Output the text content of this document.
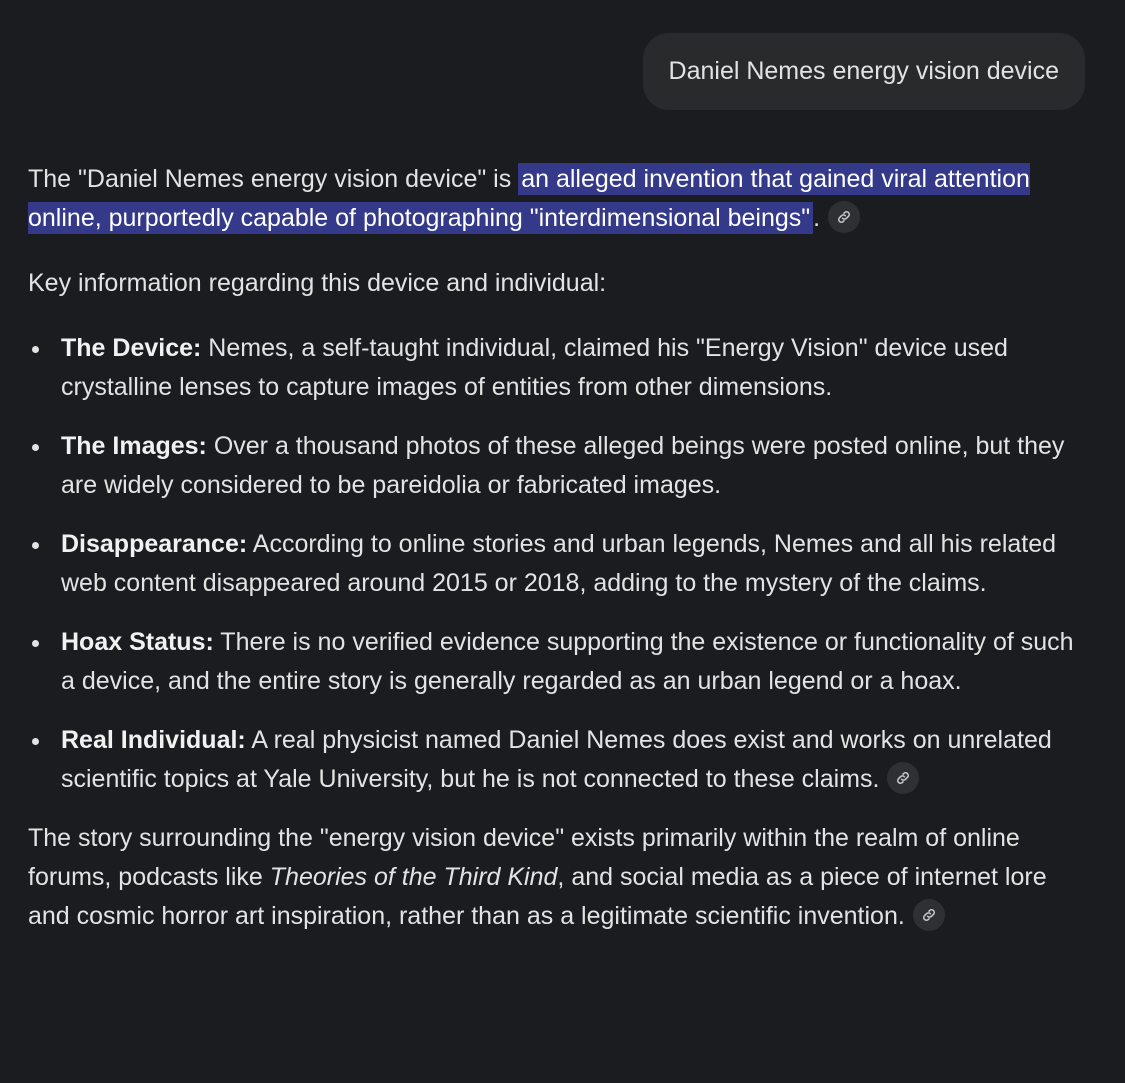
Daniel Nemes energy vision device

The "Daniel Nemes energy vision device" is an alleged invention that gained viral attention online, purportedly capable of photographing "interdimensional beings" .

Key information regarding this device and individual:

The Device: Nemes, a self-taught individual, claimed his "Energy Vision" device used crystalline lenses to capture images of entities from other dimensions.
The Images: Over a thousand photos of these alleged beings were posted online, but they are widely considered to be pareidolia or fabricated images.
Disappearance: According to online stories and urban legends, Nemes and all his related web content disappeared around 2015 or 2018, adding to the mystery of the claims.
Hoax Status: There is no verified evidence supporting the existence or functionality of such a device, and the entire story is generally regarded as an urban legend or a hoax.
Real Individual: A real physicist named Daniel Nemes does exist and works on unrelated scientific topics at Yale University, but he is not connected to these claims.

The story surrounding the "energy vision device" exists primarily within the realm of online forums, podcasts like Theories of the Third Kind, and social media as a piece of internet lore and cosmic horror art inspiration, rather than as a legitimate scientific invention.
